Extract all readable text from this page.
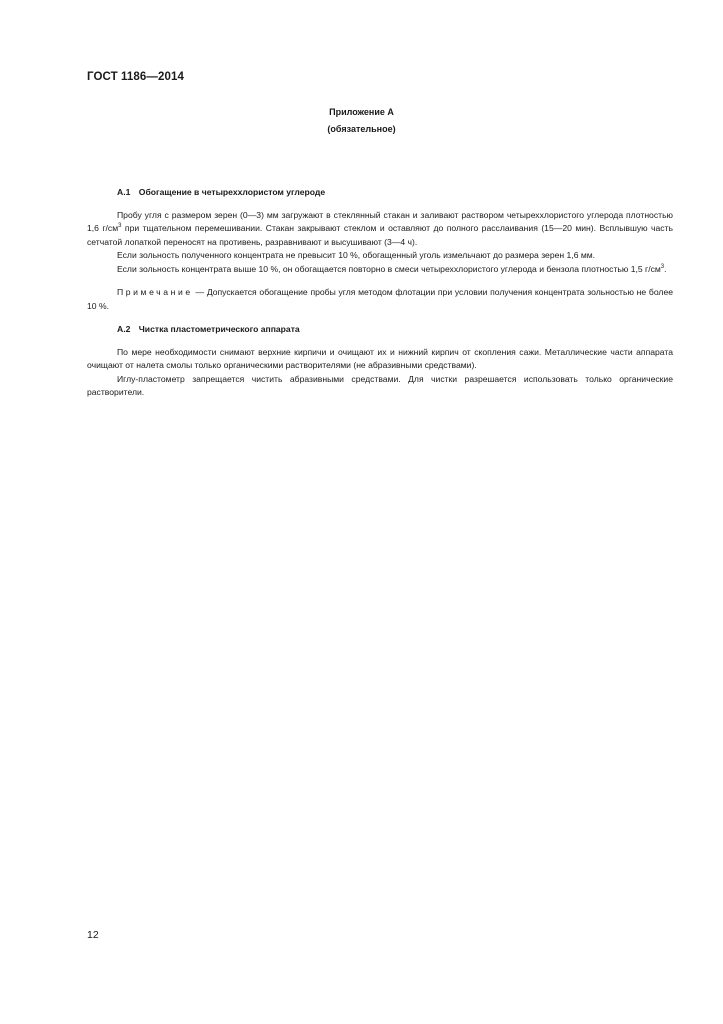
ГОСТ 1186—2014
Приложение А
(обязательное)
А.1 Обогащение в четыреххлористом углероде

Пробу угля с размером зерен (0—3) мм загружают в стеклянный стакан и заливают раствором четыреххлористого углерода плотностью 1,6 $г/см^3$ при тщательном перемешивании. Стакан закрывают стеклом и оставляют до полного расслаивания (15—20 мин). Всплывшую часть сетчатой лопаткой переносят на противень, разравнивают и высушивают (3—4 ч).

Если зольность полученного концентрата не превысит 10 %, обогащенный уголь измельчают до размера зерен 1,6 мм.

Если зольность концентрата выше 10 %, он обогащается повторно в смеси четыреххлористого углерода и бензола плотностью 1,5 $г/см^3$.

Примечание — Допускается обогащение пробы угля методом флотации при условии получения концентрата зольностью не более 10 %.

А.2 Чистка пластометрического аппарата

По мере необходимости снимают верхние кирпичи и очищают их и нижний кирпич от скопления сажи. Металлические части аппарата очищают от налета смолы только органическими растворителями (не абразивными средствами).

Иглу-пластометр запрещается чистить абразивными средствами. Для чистки разрешается использовать только органические растворители.

12
